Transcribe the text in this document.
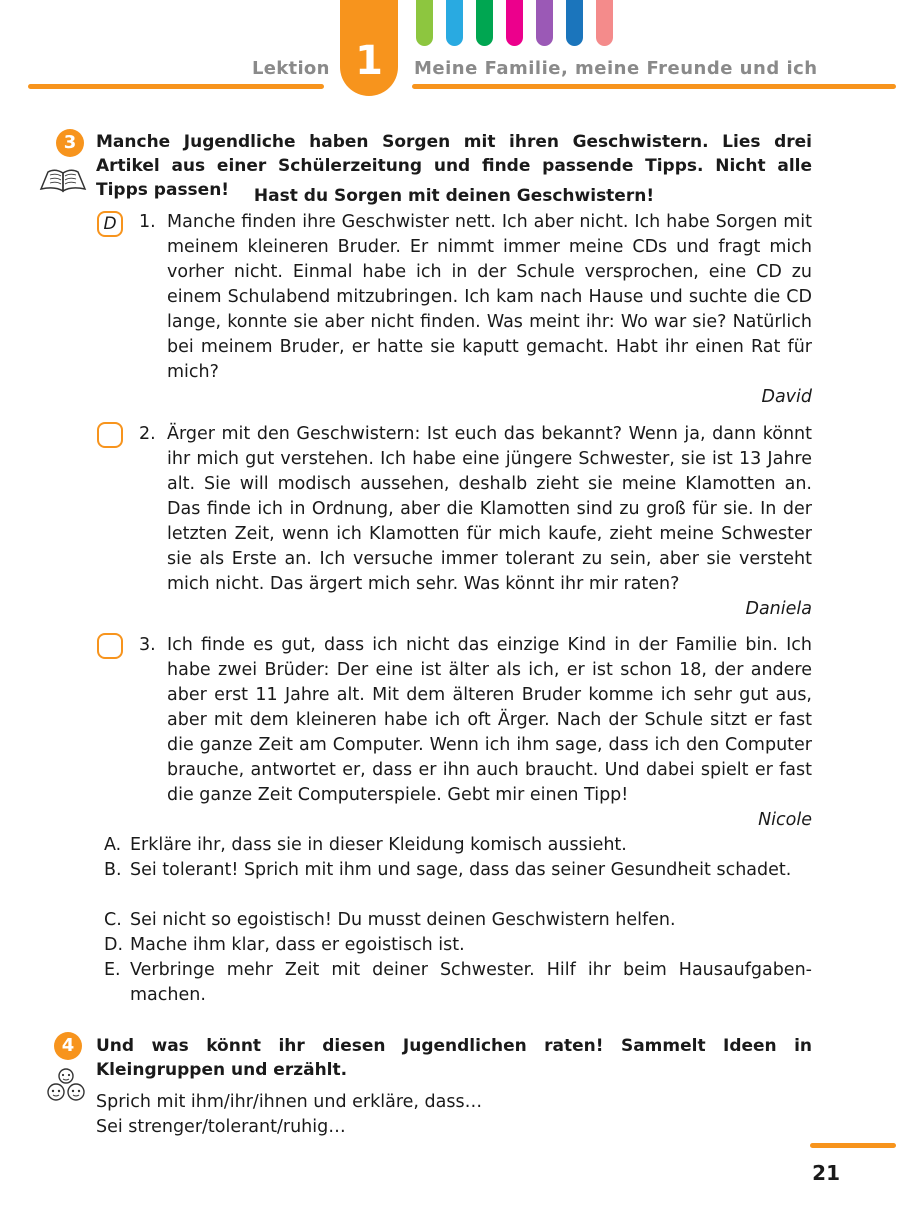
Lektion 1	Meine Familie, meine Freunde und ich
3	Manche Jugendliche haben Sorgen mit ihren Geschwistern. Lies drei Artikel aus einer Schülerzeitung und finde passende Tipps. Nicht alle Tipps passen!	Hast du Sorgen mit deinen Geschwistern!
D	1. Manche finden ihre Geschwister nett. Ich aber nicht. Ich habe Sorgen mit meinem kleineren Bruder. Er nimmt immer meine CDs und fragt mich vorher nicht. Einmal habe ich in der Schule versprochen, eine CD zu einem Schulabend mitzubringen. Ich kam nach Hause und suchte die CD lange, konnte sie aber nicht finden. Was meint ihr: Wo war sie? Natürlich bei meinem Bruder, er hatte sie kaputt gemacht. Habt ihr einen Rat für mich?
David
2. Ärger mit den Geschwistern: Ist euch das bekannt? Wenn ja, dann könnt ihr mich gut verstehen. Ich habe eine jüngere Schwester, sie ist 13 Jahre alt. Sie will modisch aussehen, deshalb zieht sie meine Klamotten an. Das finde ich in Ordnung, aber die Klamotten sind zu groß für sie. In der letzten Zeit, wenn ich Klamotten für mich kaufe, zieht meine Schwester sie als Erste an. Ich versuche immer tolerant zu sein, aber sie versteht mich nicht. Das ärgert mich sehr. Was könnt ihr mir raten?
Daniela
3. Ich finde es gut, dass ich nicht das einzige Kind in der Familie bin. Ich habe zwei Brüder: Der eine ist älter als ich, er ist schon 18, der andere aber erst 11 Jahre alt. Mit dem älteren Bruder komme ich sehr gut aus, aber mit dem kleineren habe ich oft Ärger. Nach der Schule sitzt er fast die ganze Zeit am Computer. Wenn ich ihm sage, dass ich den Computer brauche, antwortet er, dass er ihn auch braucht. Und dabei spielt er fast die ganze Zeit Computerspiele. Gebt mir einen Tipp!
Nicole
A. Erkläre ihr, dass sie in dieser Kleidung komisch aussieht.
B. Sei tolerant! Sprich mit ihm und sage, dass das seiner Gesundheit schadet.
C. Sei nicht so egoistisch! Du musst deinen Geschwistern helfen.
D. Mache ihm klar, dass er egoistisch ist.
E. Verbringe mehr Zeit mit deiner Schwester. Hilf ihr beim Hausaufgabenmachen.
4	Und was könnt ihr diesen Jugendlichen raten! Sammelt Ideen in Kleingruppen und erzählt.
Sprich mit ihm/ihr/ihnen und erkläre, dass…
Sei strenger/tolerant/ruhig…
21
